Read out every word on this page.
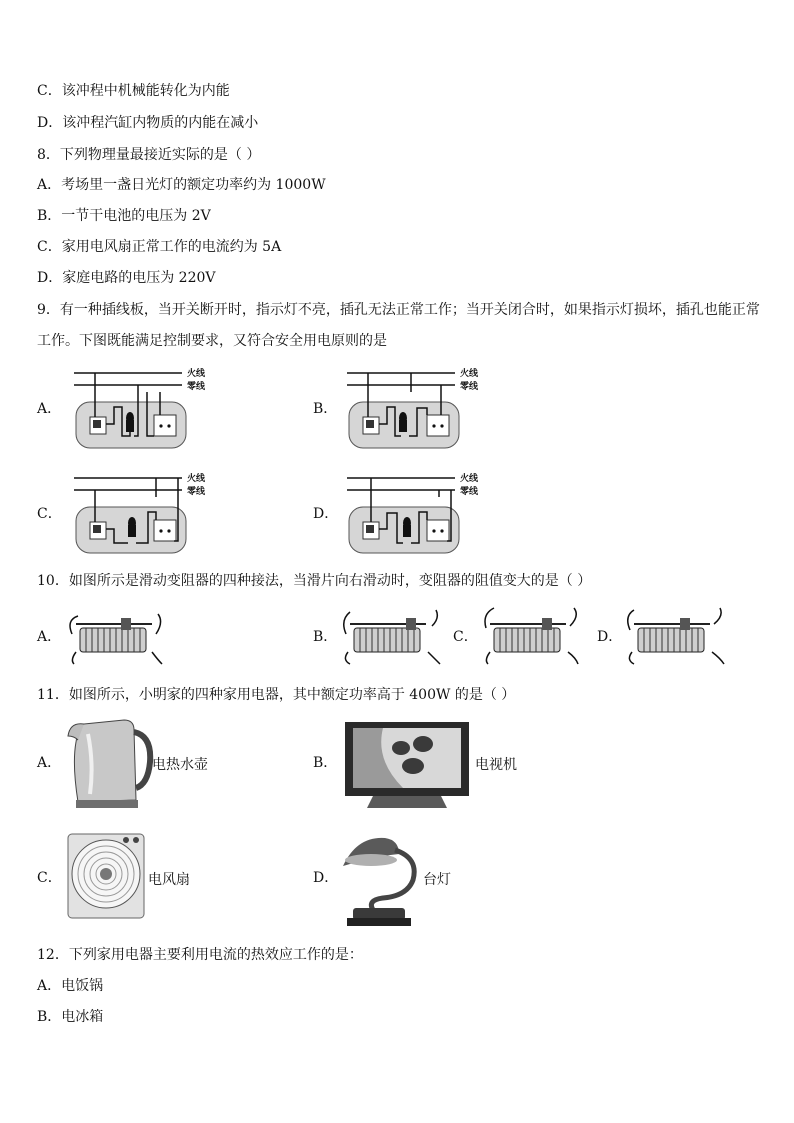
C．该冲程中机械能转化为内能
D．该冲程汽缸内物质的内能在减小
8．下列物理量最接近实际的是（ ）
A．考场里一盏日光灯的额定功率约为 1000W
B．一节干电池的电压为 2V
C．家用电风扇正常工作的电流约为 5A
D．家庭电路的电压为 220V
9．有一种插线板，当开关断开时，指示灯不亮，插孔无法正常工作；当开关闭合时，如果指示灯损坏，插孔也能正常
工作。下图既能满足控制要求，又符合安全用电原则的是
A．	B．
C．	D．
火线
零线
火线
零线
火线
零线
火线
零线
10．如图所示是滑动变阻器的四种接法，当滑片向右滑动时，变阻器的阻值变大的是（ ）
A．	B．	C．	D．
11．如图所示，小明家的四种家用电器，其中额定功率高于 400W 的是（ ）
A．	B．
C．	D．
电热水壶	电视机
电风扇	台灯
12．下列家用电器主要利用电流的热效应工作的是：
A．电饭锅
B．电冰箱
